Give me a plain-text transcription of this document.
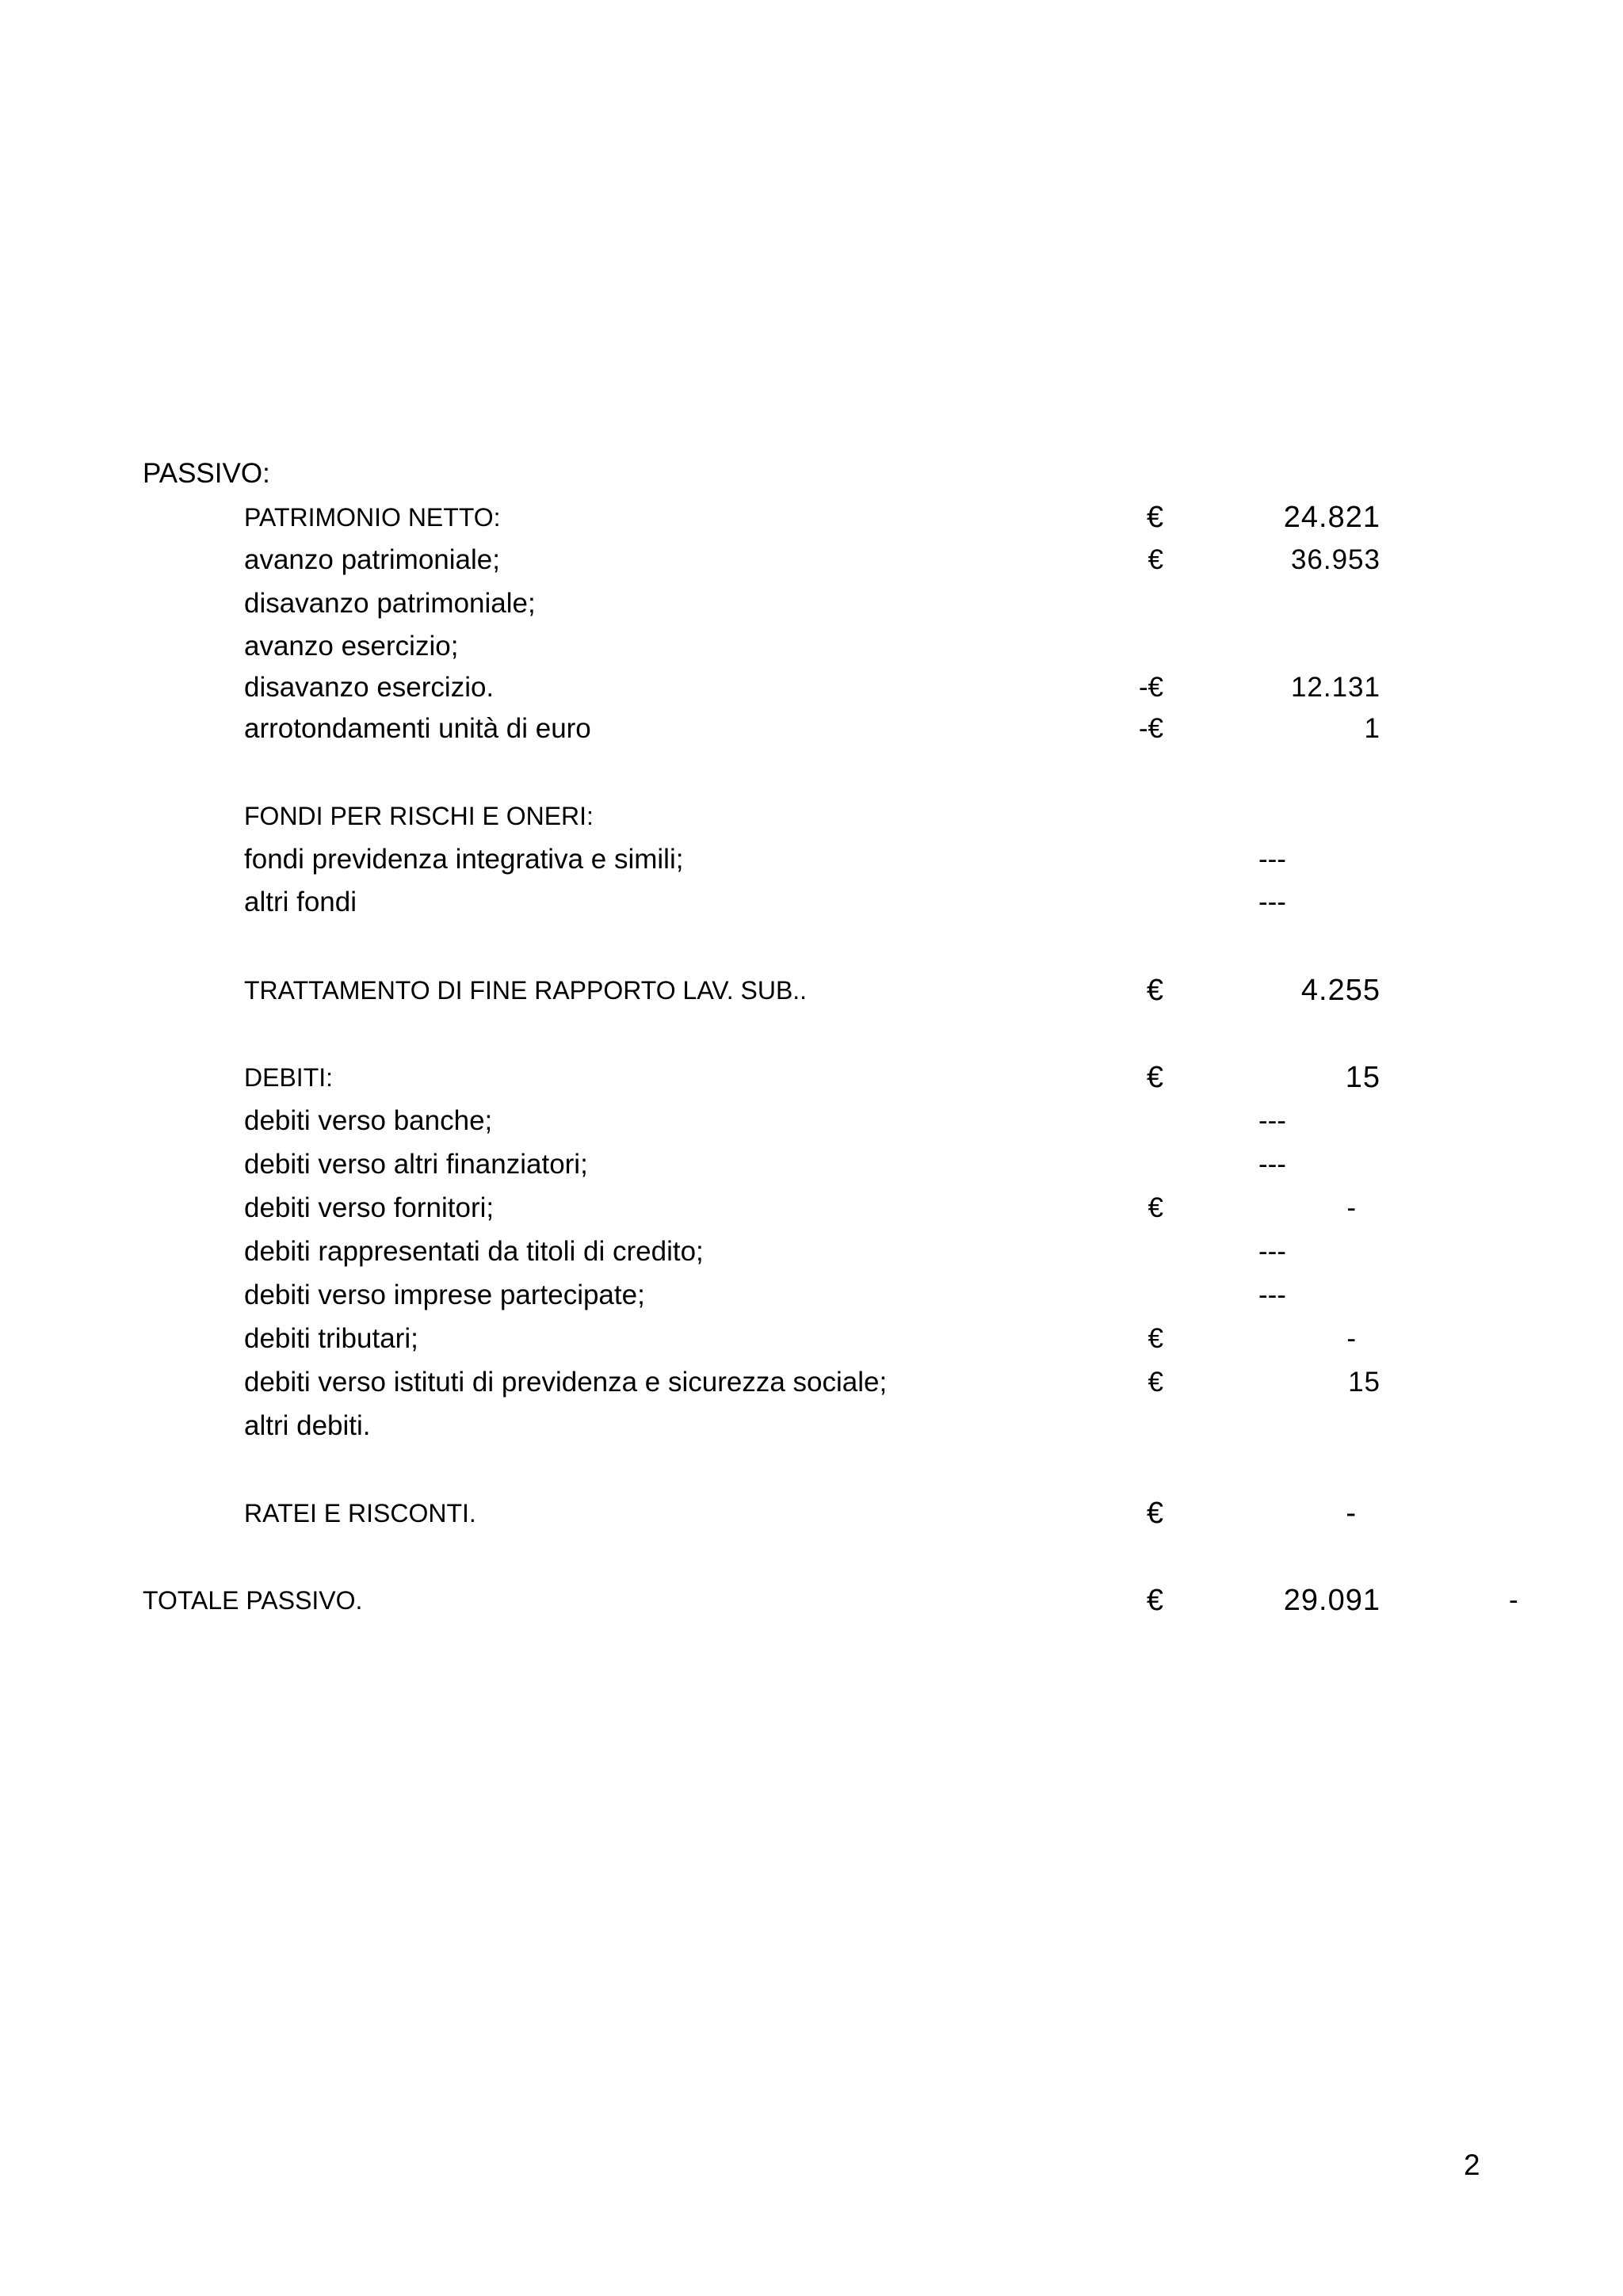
PASSIVO:
PATRIMONIO NETTO:	€	24.821
avanzo patrimoniale;	€	36.953
disavanzo patrimoniale;
avanzo esercizio;
disavanzo esercizio.	-€	12.131
arrotondamenti unità di euro	-€	1
FONDI PER RISCHI E ONERI:
fondi previdenza integrativa e simili;	---
altri fondi	---
TRATTAMENTO DI FINE RAPPORTO LAV. SUB..	€	4.255
DEBITI:	€	15
debiti verso banche;	---
debiti verso altri finanziatori;	---
debiti verso fornitori;	€	-
debiti rappresentati da titoli di credito;	---
debiti verso imprese partecipate;	---
debiti tributari;	€	-
debiti verso istituti di previdenza e sicurezza sociale;	€	15
altri debiti.
RATEI E RISCONTI.	€	-
TOTALE PASSIVO.	€	29.091	-
2
